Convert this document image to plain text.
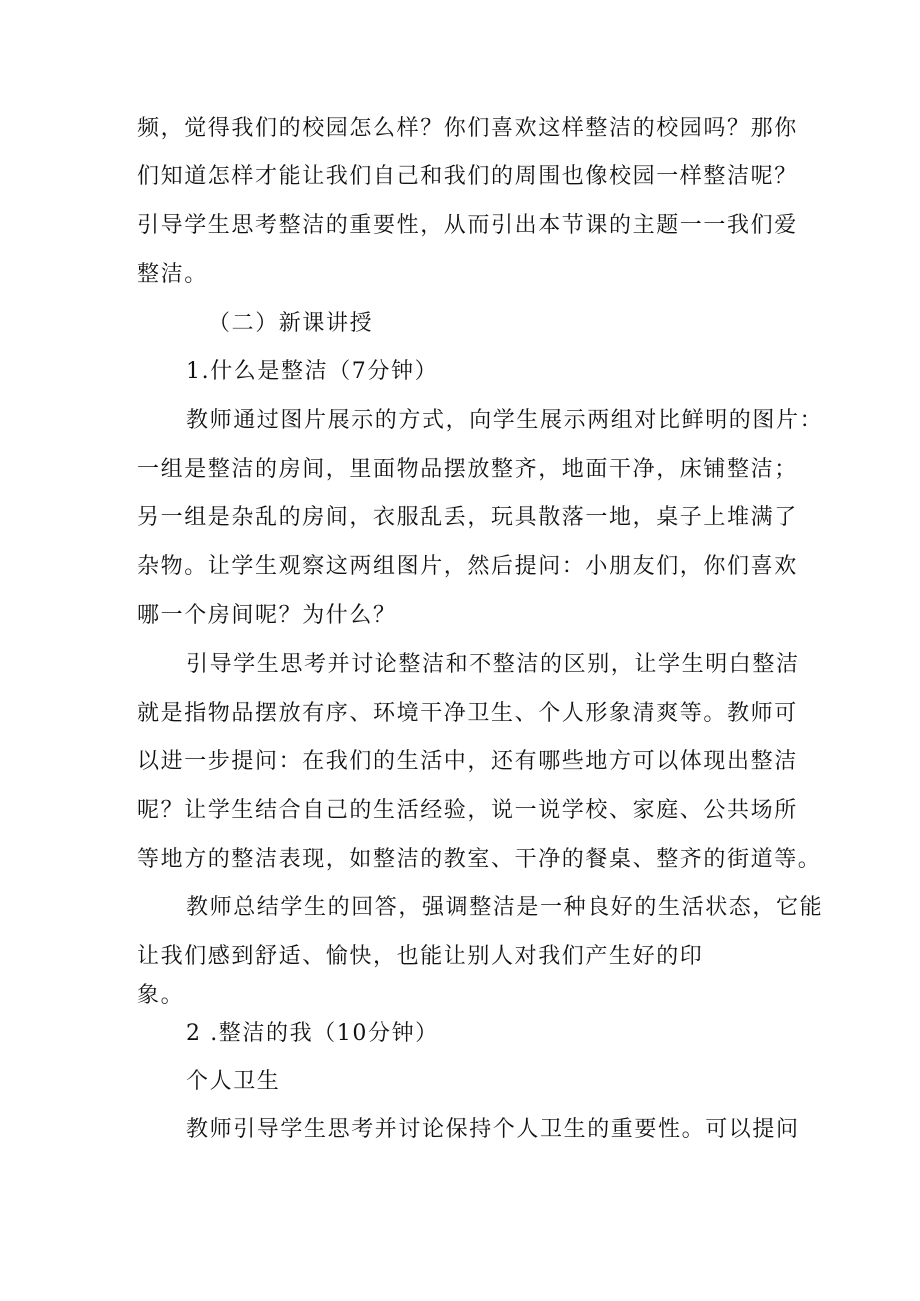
频，觉得我们的校园怎么样？你们喜欢这样整洁的校园吗？那你
们知道怎样才能让我们自己和我们的周围也像校园一样整洁呢？
引导学生思考整洁的重要性，从而引出本节课的主题一一我们爱
整洁。
（二）新课讲授
1.什么是整洁（7分钟）
教师通过图片展示的方式，向学生展示两组对比鲜明的图片：
一组是整洁的房间，里面物品摆放整齐，地面干净，床铺整洁；
另一组是杂乱的房间，衣服乱丢，玩具散落一地，桌子上堆满了
杂物。让学生观察这两组图片，然后提问：小朋友们，你们喜欢
哪一个房间呢？为什么？
引导学生思考并讨论整洁和不整洁的区别，让学生明白整洁
就是指物品摆放有序、环境干净卫生、个人形象清爽等。教师可
以进一步提问：在我们的生活中，还有哪些地方可以体现出整洁
呢？让学生结合自己的生活经验，说一说学校、家庭、公共场所
等地方的整洁表现，如整洁的教室、干净的餐桌、整齐的街道等。
教师总结学生的回答，强调整洁是一种良好的生活状态，它能
让我们感到舒适、愉快，也能让别人对我们产生好的印
象。
2 .整洁的我（10分钟）
个人卫生
教师引导学生思考并讨论保持个人卫生的重要性。可以提问
